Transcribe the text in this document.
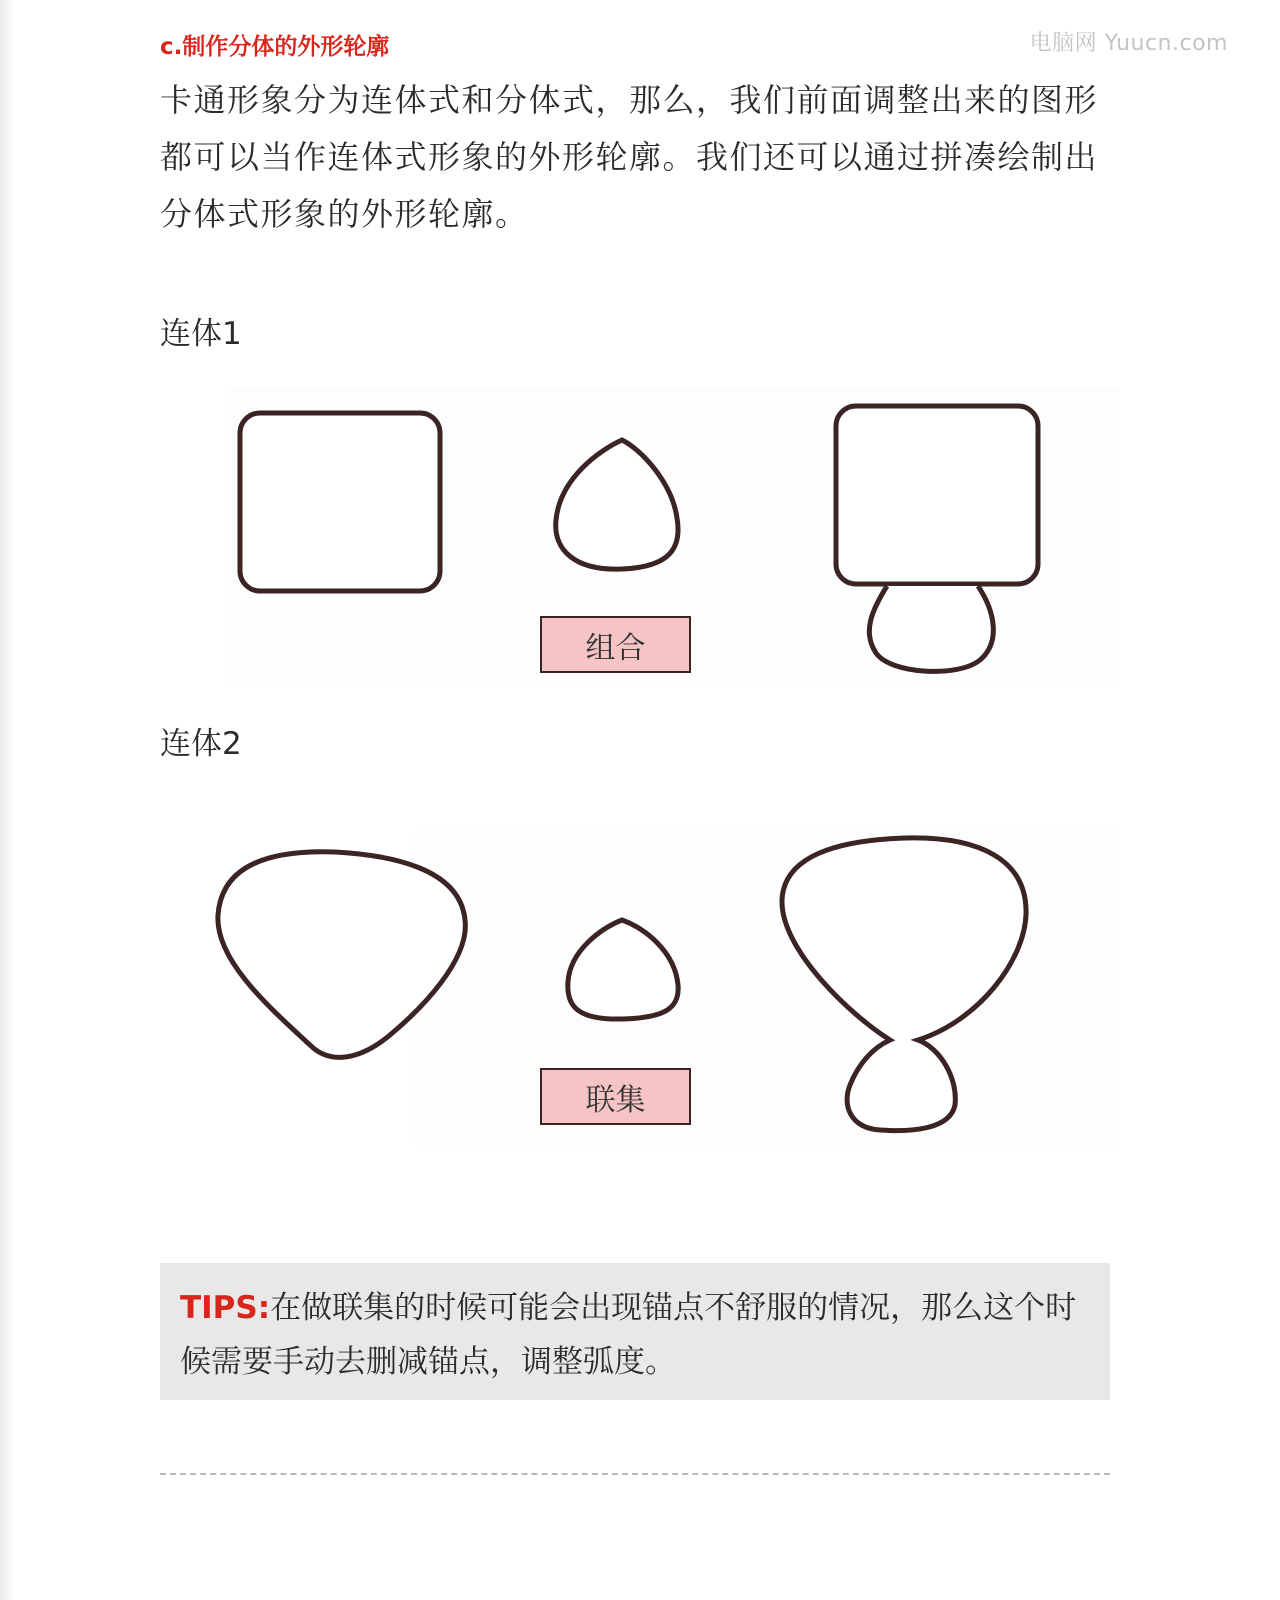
电脑网 Yuucn.com
c.制作分体的外形轮廓

卡通形象分为连体式和分体式，那么，我们前面调整出来的图形都可以当作连体式形象的外形轮廓。我们还可以通过拼凑绘制出分体式形象的外形轮廓。

连体1
组合
连体2
联集
TIPS:在做联集的时候可能会出现锚点不舒服的情况，那么这个时候需要手动去删减锚点，调整弧度。
